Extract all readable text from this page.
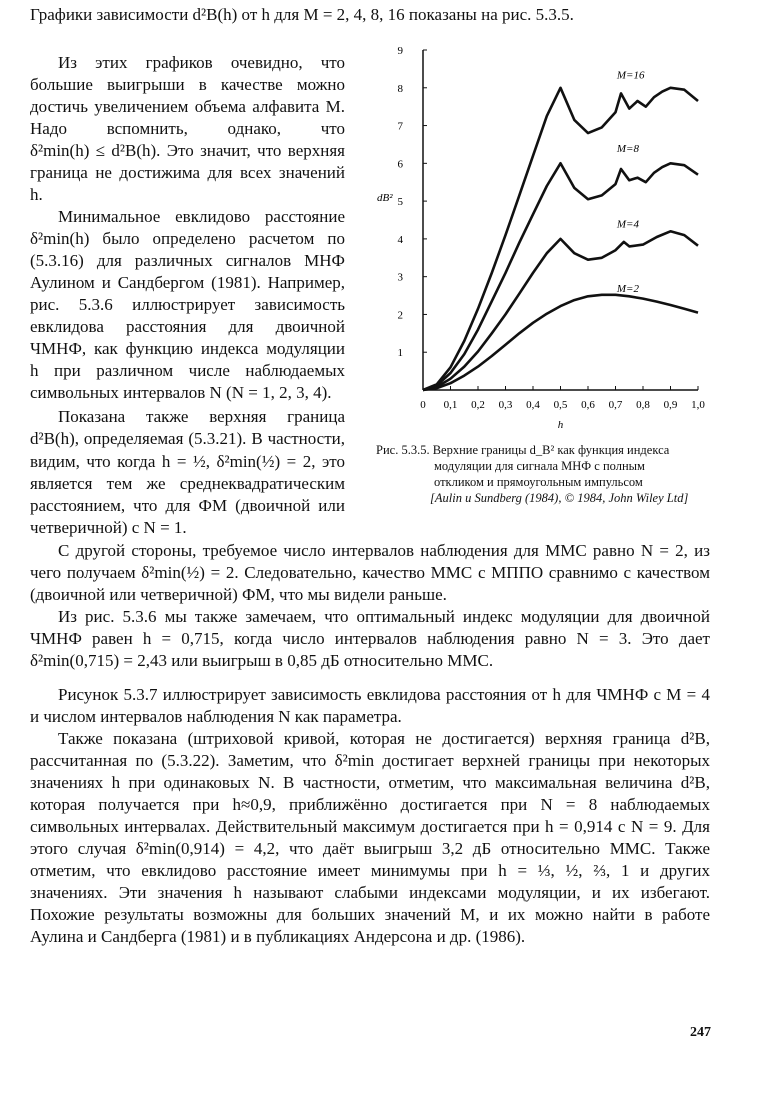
Графики зависимости d²B(h) от h для M = 2, 4, 8, 16 показаны на рис. 5.3.5.
Из этих графиков очевидно, что
большие выигрыши в качестве можно
достичь увеличением объема алфавита M.
Надо вспомнить, однако, что
δ²min(h) ≤ d²B(h). Это значит, что верхняя
граница не достижима для всех значений
h.
Минимальное евклидово расстояние
δ²min(h) было определено расчетом по
(5.3.16) для различных сигналов МНФ
Аулином и Сандбергом (1981). Например,
рис. 5.3.6 иллюстрирует зависимость
евклидова расстояния для двоичной
ЧМНФ, как функцию индекса модуляции
h при различном числе наблюдаемых
символьных интервалов N (N = 1, 2, 3, 4).
Показана также верхняя граница
d²B(h), определяемая (5.3.21). В частности,
видим, что когда h = ½, δ²min(½) = 2, это
является тем же среднеквадратическим
расстоянием, что для ФМ (двоичной или
четверичной) с N = 1.
1
2
3
4
5
6
7
8
9
0 0,1 0,2 0,3 0,4 0,5 0,6 0,7 0,8 0,9 1,0
h
dB²
M=2
M=4
M=8
M=16
Рис. 5.3.5. Верхние границы d_B² как функция индекса
модуляции для сигнала МНФ с полным
откликом и прямоугольным импульсом
[Aulin и Sundberg (1984), © 1984, John Wiley Ltd]
С другой стороны, требуемое число интервалов наблюдения для ММС равно N = 2, из
чего получаем δ²min(½) = 2. Следовательно, качество ММС с МППО сравнимо с качеством
(двоичной или четверичной) ФМ, что мы видели раньше.
Из рис. 5.3.6 мы также замечаем, что оптимальный индекс модуляции для двоичной
ЧМНФ равен h = 0,715, когда число интервалов наблюдения равно N = 3. Это дает
δ²min(0,715) = 2,43 или выигрыш в 0,85 дБ относительно ММС.
Рисунок 5.3.7 иллюстрирует зависимость евклидова расстояния от h для ЧМНФ с M = 4
и числом интервалов наблюдения N как параметра.
Также показана (штриховой кривой, которая не достигается) верхняя граница d²B,
рассчитанная по (5.3.22). Заметим, что δ²min достигает верхней границы при некоторых
значениях h при одинаковых N. В частности, отметим, что максимальная величина d²B,
которая получается при h≈0,9, приближённо достигается при N = 8 наблюдаемых
символьных интервалах. Действительный максимум достигается при h = 0,914 с N = 9. Для
этого случая δ²min(0,914) = 4,2, что даёт выигрыш 3,2 дБ относительно ММС. Также
отметим, что евклидово расстояние имеет минимумы при h = ⅓, ½, ⅔, 1 и других
значениях. Эти значения h называют слабыми индексами модуляции, и их избегают.
Похожие результаты возможны для больших значений M, и их можно найти в работе
Аулина и Сандберга (1981) и в публикациях Андерсона и др. (1986).
247
